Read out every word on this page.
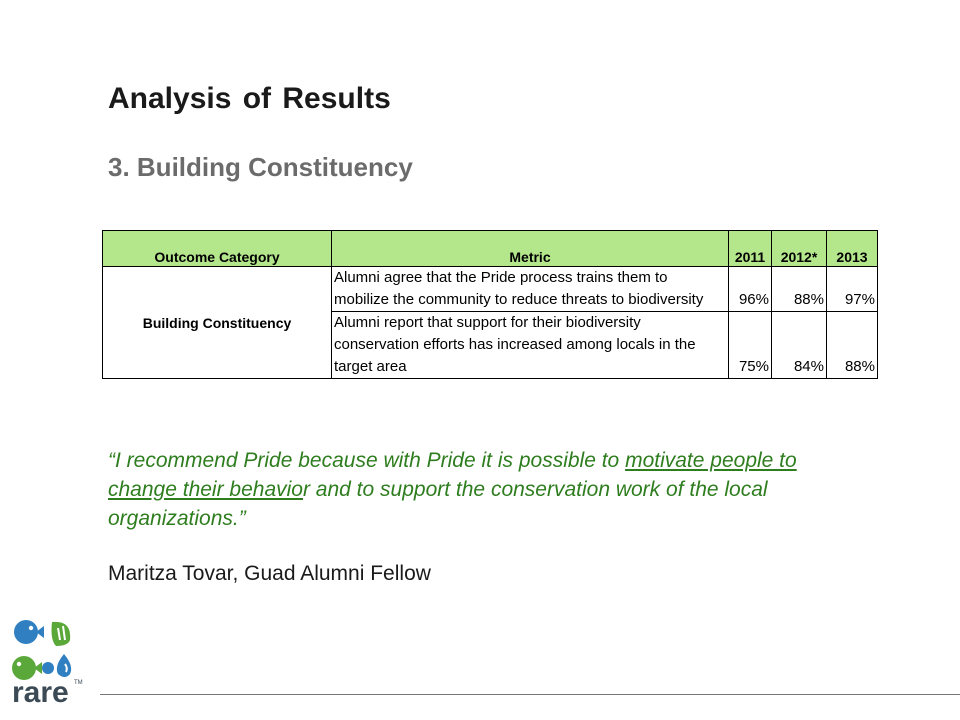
Analysis of Results
3. Building Constituency
Outcome Category	Metric	2011	2012*	2013
Building Constituency	Alumni agree that the Pride process trains them to mobilize the community to reduce threats to biodiversity	96%	88%	97%
	Alumni report that support for their biodiversity conservation efforts has increased among locals in the target area	75%	84%	88%

“I recommend Pride because with Pride it is possible to motivate people to change their behavior and to support the conservation work of the local organizations.”

Maritza Tovar, Guad Alumni Fellow

rare TM
